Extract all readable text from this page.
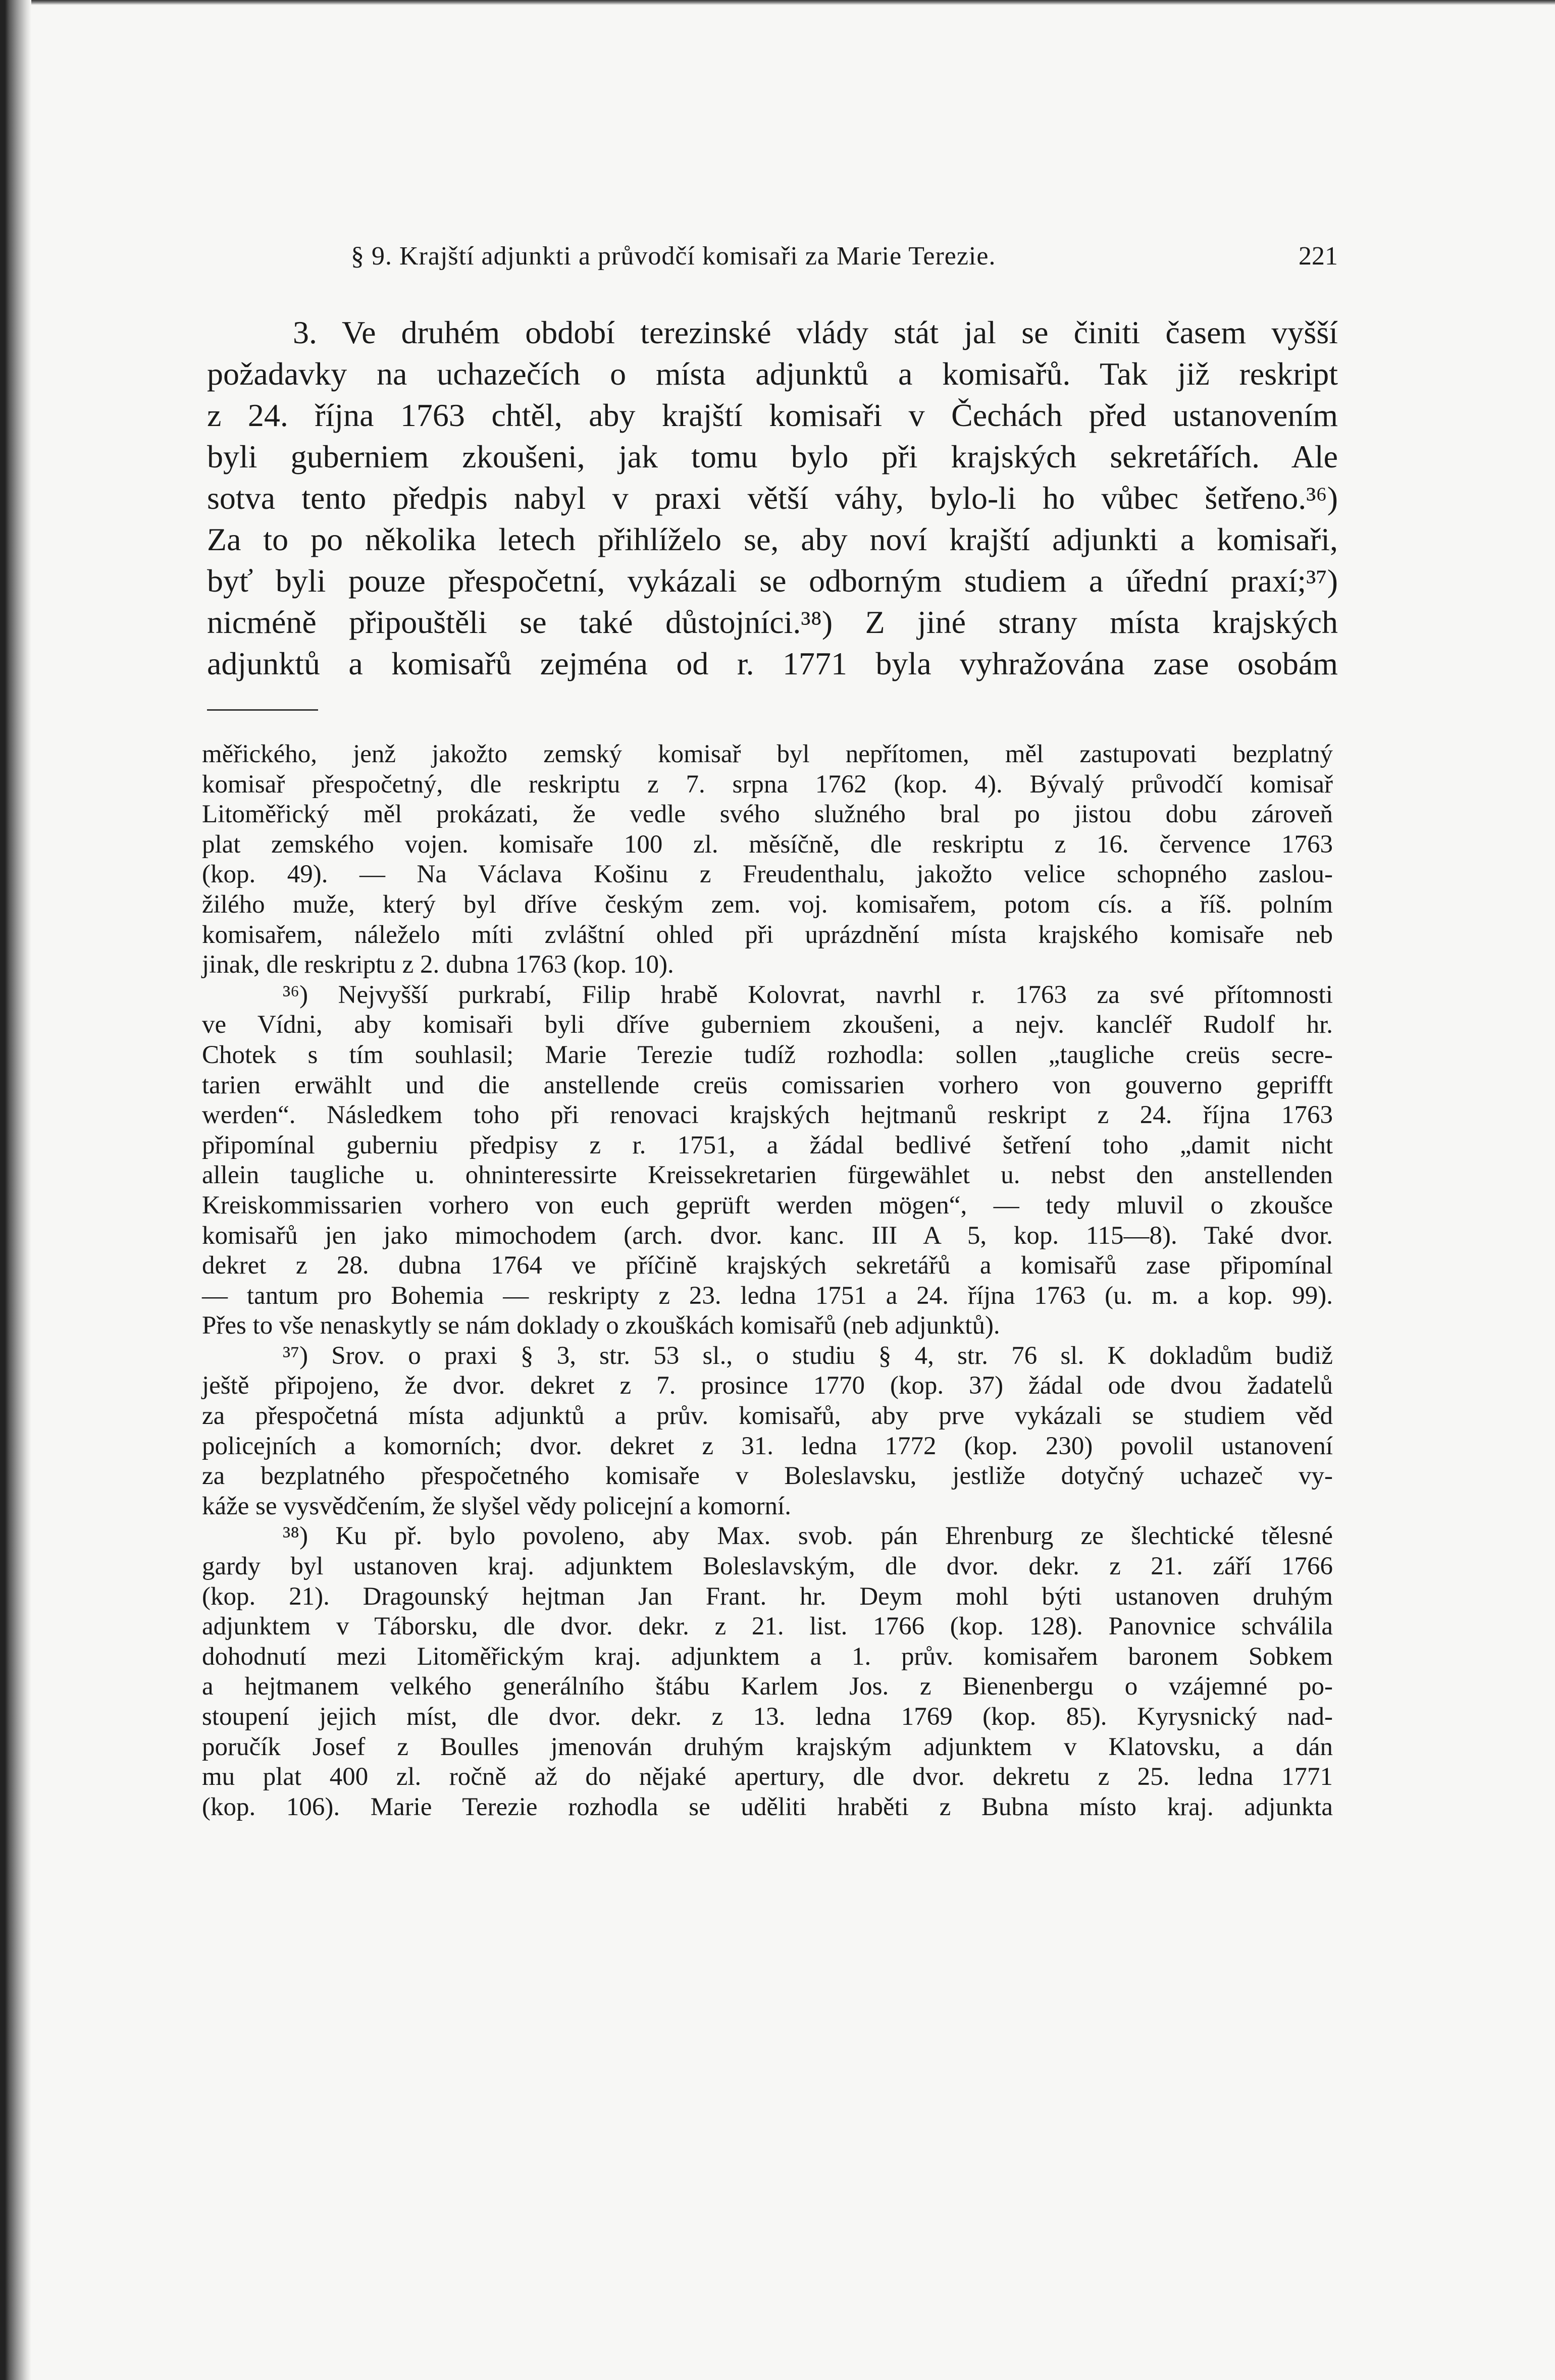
§ 9. Krajští adjunkti a průvodčí komisaři za Marie Terezie.	221
3. Ve druhém období terezinské vlády stát jal se činiti časem vyšší
požadavky na uchazečích o místa adjunktů a komisařů. Tak již reskript
z 24. října 1763 chtěl, aby krajští komisaři v Čechách před ustanovením
byli guberniem zkoušeni, jak tomu bylo při krajských sekretářích. Ale
sotva tento předpis nabyl v praxi větší váhy, bylo-li ho vůbec šetřeno.³⁶)
Za to po několika letech přihlíželo se, aby noví krajští adjunkti a komisaři,
byť byli pouze přespočetní, vykázali se odborným studiem a úřední praxí;³⁷)
nicméně připouštěli se také důstojníci.³⁸) Z jiné strany místa krajských
adjunktů a komisařů zejména od r. 1771 byla vyhražována zase osobám
měřického, jenž jakožto zemský komisař byl nepřítomen, měl zastupovati bezplatný
komisař přespočetný, dle reskriptu z 7. srpna 1762 (kop. 4). Bývalý průvodčí komisař
Litoměřický měl prokázati, že vedle svého služného bral po jistou dobu zároveň
plat zemského vojen. komisaře 100 zl. měsíčně, dle reskriptu z 16. července 1763
(kop. 49). — Na Václava Košinu z Freudenthalu, jakožto velice schopného zaslou-
žilého muže, který byl dříve českým zem. voj. komisařem, potom cís. a říš. polním
komisařem, náleželo míti zvláštní ohled při uprázdnění místa krajského komisaře neb
jinak, dle reskriptu z 2. dubna 1763 (kop. 10).
³⁶) Nejvyšší purkrabí, Filip hrabě Kolovrat, navrhl r. 1763 za své přítomnosti
ve Vídni, aby komisaři byli dříve guberniem zkoušeni, a nejv. kancléř Rudolf hr.
Chotek s tím souhlasil; Marie Terezie tudíž rozhodla: sollen „taugliche creüs secre-
tarien erwählt und die anstellende creüs comissarien vorhero von gouverno geprifft
werden“. Následkem toho při renovaci krajských hejtmanů reskript z 24. října 1763
připomínal guberniu předpisy z r. 1751, a žádal bedlivé šetření toho „damit nicht
allein taugliche u. ohninteressirte Kreissekretarien fürgewählet u. nebst den anstellenden
Kreiskommissarien vorhero von euch geprüft werden mögen“, — tedy mluvil o zkoušce
komisařů jen jako mimochodem (arch. dvor. kanc. III A 5, kop. 115—8). Také dvor.
dekret z 28. dubna 1764 ve příčině krajských sekretářů a komisařů zase připomínal
— tantum pro Bohemia — reskripty z 23. ledna 1751 a 24. října 1763 (u. m. a kop. 99).
Přes to vše nenaskytly se nám doklady o zkouškách komisařů (neb adjunktů).
³⁷) Srov. o praxi § 3, str. 53 sl., o studiu § 4, str. 76 sl. K dokladům budiž
ještě připojeno, že dvor. dekret z 7. prosince 1770 (kop. 37) žádal ode dvou žadatelů
za přespočetná místa adjunktů a prův. komisařů, aby prve vykázali se studiem věd
policejních a komorních; dvor. dekret z 31. ledna 1772 (kop. 230) povolil ustanovení
za bezplatného přespočetného komisaře v Boleslavsku, jestliže dotyčný uchazeč vy-
káže se vysvědčením, že slyšel vědy policejní a komorní.
³⁸) Ku př. bylo povoleno, aby Max. svob. pán Ehrenburg ze šlechtické tělesné
gardy byl ustanoven kraj. adjunktem Boleslavským, dle dvor. dekr. z 21. září 1766
(kop. 21). Dragounský hejtman Jan Frant. hr. Deym mohl býti ustanoven druhým
adjunktem v Táborsku, dle dvor. dekr. z 21. list. 1766 (kop. 128). Panovnice schválila
dohodnutí mezi Litoměřickým kraj. adjunktem a 1. prův. komisařem baronem Sobkem
a hejtmanem velkého generálního štábu Karlem Jos. z Bienenbergu o vzájemné po-
stoupení jejich míst, dle dvor. dekr. z 13. ledna 1769 (kop. 85). Kyrysnický nad-
poručík Josef z Boulles jmenován druhým krajským adjunktem v Klatovsku, a dán
mu plat 400 zl. ročně až do nějaké apertury, dle dvor. dekretu z 25. ledna 1771
(kop. 106). Marie Terezie rozhodla se uděliti hraběti z Bubna místo kraj. adjunkta
